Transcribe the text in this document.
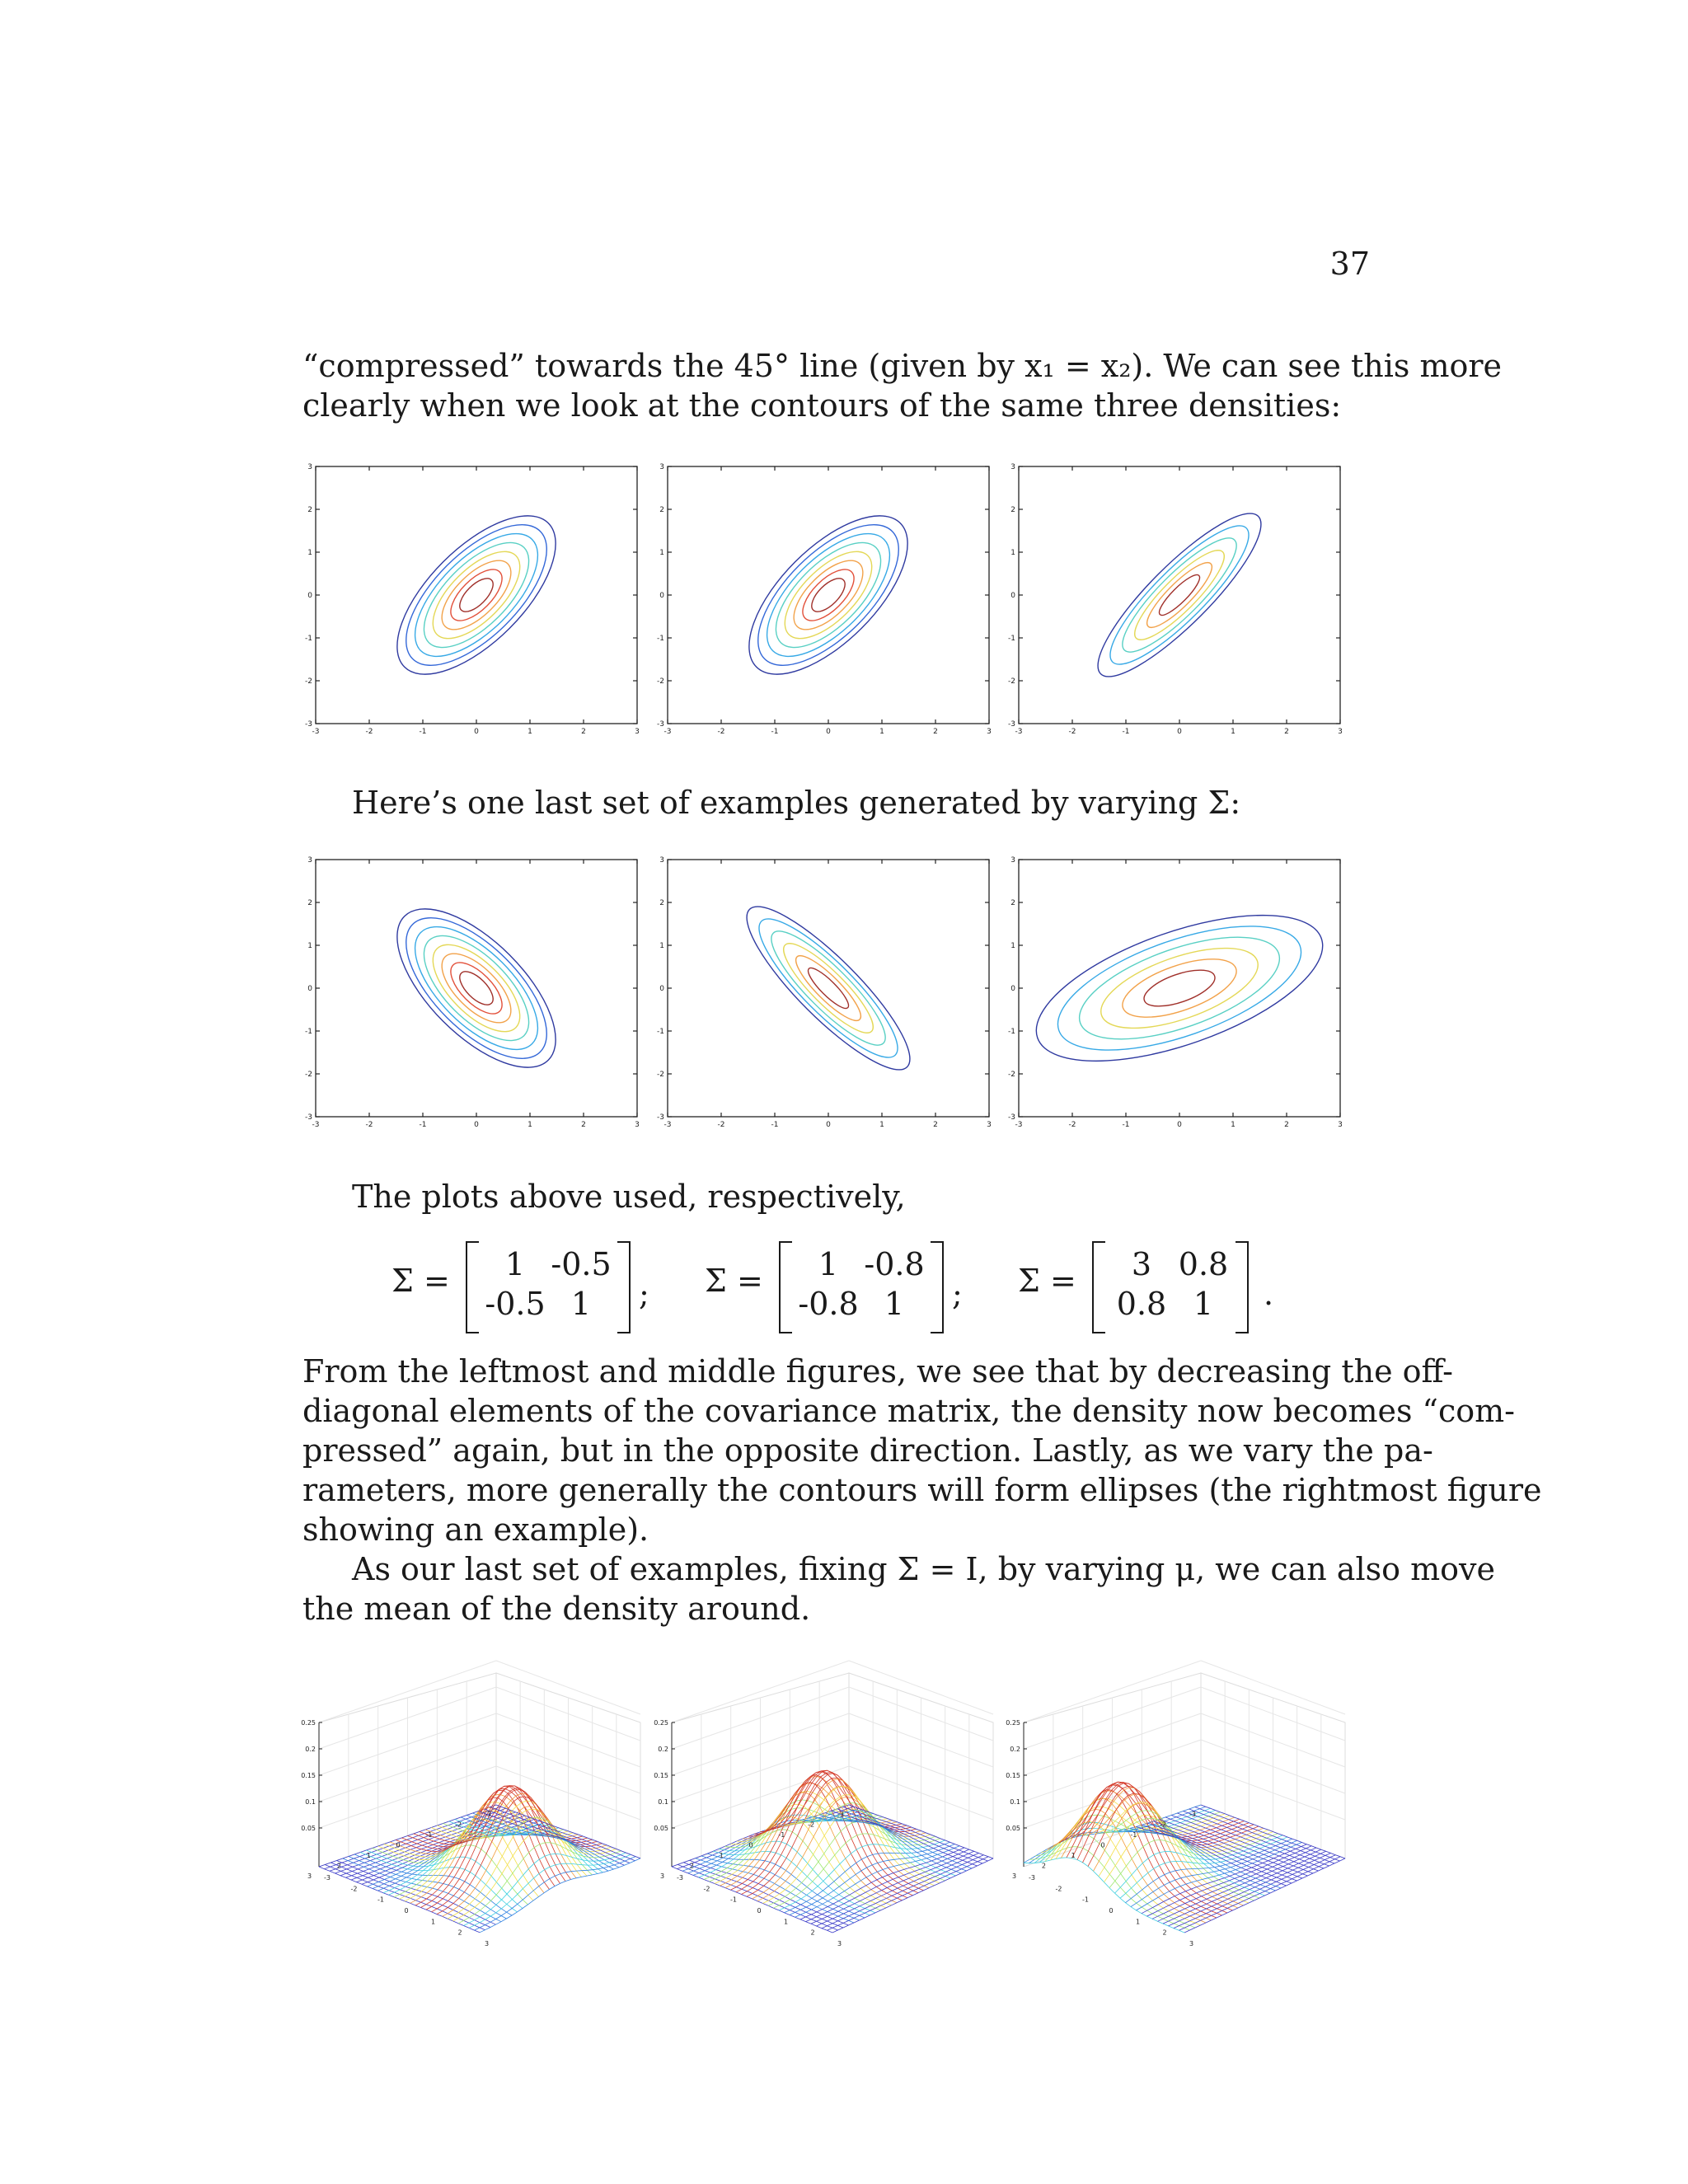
37

“compressed” towards the 45° line (given by x₁ = x₂). We can see this more
clearly when we look at the contours of the same three densities:

-3	-2	-1	0	1	2	3
-3
-2
-1
0
1
2
3
-3	-2	-1	0	1	2	3
-3
-2
-1
0
1
2
3
-3	-2	-1	0	1	2	3
-3
-2
-1
0
1
2
3

Here’s one last set of examples generated by varying Σ:

-3	-2	-1	0	1	2	3
-3
-2
-1
0
1
2
3
-3	-2	-1	0	1	2	3
-3
-2
-1
0
1
2
3
-3	-2	-1	0	1	2	3
-3
-2
-1
0
1
2
3

The plots above used, respectively,

Σ =	1 -0.5
-0.5 1	; Σ =	1 -0.8
-0.8 1	; Σ =	3 0.8
0.8 1	.

From the leftmost and middle figures, we see that by decreasing the off-
diagonal elements of the covariance matrix, the density now becomes “com-
pressed” again, but in the opposite direction. Lastly, as we vary the pa-
rameters, more generally the contours will form ellipses (the rightmost figure
showing an example).
As our last set of examples, fixing Σ = I, by varying μ, we can also move
the mean of the density around.

0.05
0.1
0.15
0.2
0.25
-3
-2
-1
0
1
2
3
-3
-2
-1
0
1
2
3
0.05
0.1
0.15
0.2
0.25
-3
-2
-1
0
1
2
3
-3
-2
-1
0
1
2
3
0.05
0.1
0.15
0.2
0.25
-3
-2
-1
0
1
2
3
-3
-2
-1
0
1
2
3
